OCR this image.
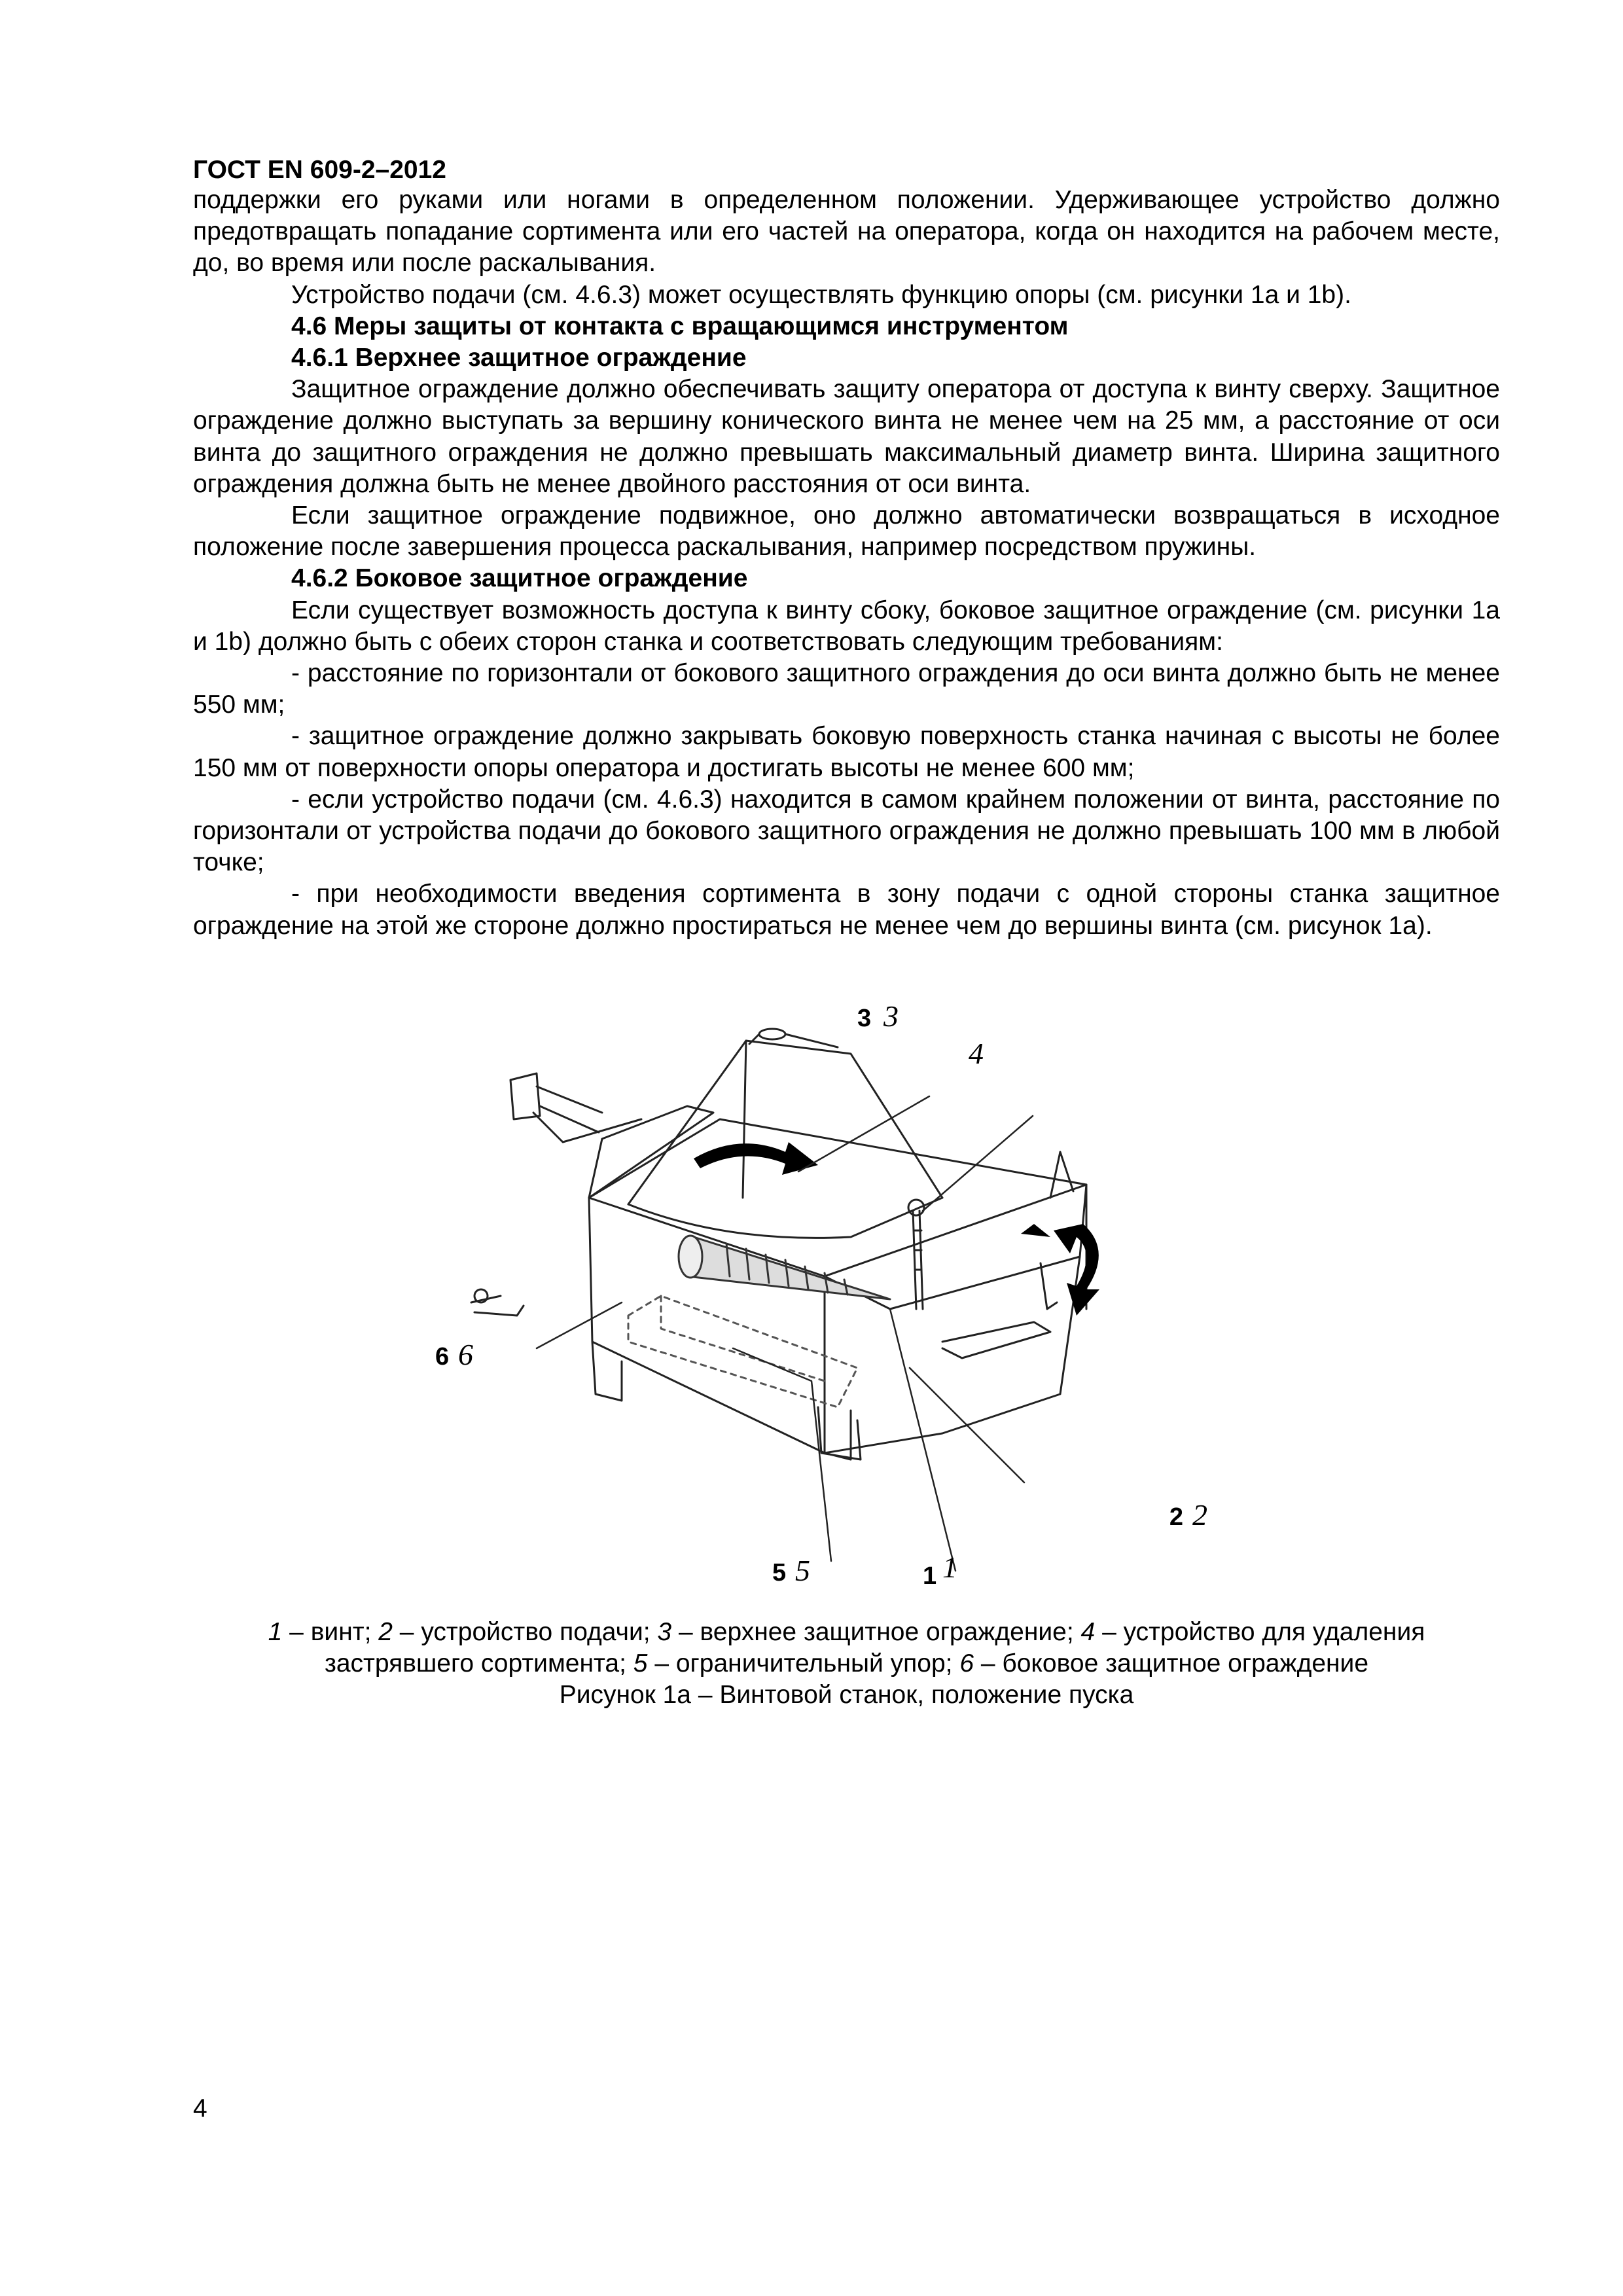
ГОСТ EN 609-2–2012

поддержки его руками или ногами в определенном положении. Удерживающее устройство должно предотвращать попадание сортимента или его частей на оператора, когда он находится на рабочем месте, до, во время или после раскалывания.

Устройство подачи (см. 4.6.3) может осуществлять функцию опоры (см. рисунки 1a и 1b).

4.6 Меры защиты от контакта с вращающимся инструментом

4.6.1 Верхнее защитное ограждение

Защитное ограждение должно обеспечивать защиту оператора от доступа к винту сверху. Защитное ограждение должно выступать за вершину конического винта не менее чем на 25 мм, а расстояние от оси винта до защитного ограждения не должно превышать максимальный диаметр винта. Ширина защитного ограждения должна быть не менее двойного расстояния от оси винта.

Если защитное ограждение подвижное, оно должно автоматически возвращаться в исходное положение после завершения процесса раскалывания, например посредством пружины.

4.6.2 Боковое защитное ограждение

Если существует возможность доступа к винту сбоку, боковое защитное ограждение (см. рисунки 1a и 1b) должно быть с обеих сторон станка и соответствовать следующим требованиям:

- расстояние по горизонтали от бокового защитного ограждения до оси винта должно быть не менее 550 мм;

- защитное ограждение должно закрывать боковую поверхность станка начиная с высоты не более 150 мм от поверхности опоры оператора и достигать высоты не менее 600 мм;

- если устройство подачи (см. 4.6.3) находится в самом крайнем положении от винта, расстояние по горизонтали от устройства подачи до бокового защитного ограждения не должно превышать 100 мм в любой точке;

- при необходимости введения сортимента в зону подачи с одной стороны станка защитное ограждение на этой же стороне должно простираться не менее чем до вершины винта (см. рисунок 1a).

3 3
4
6 6
2 2
5 5	1 1

1 – винт; 2 – устройство подачи; 3 – верхнее защитное ограждение; 4 – устройство для удаления застрявшего сортимента; 5 – ограничительный упор; 6 – боковое защитное ограждение

Рисунок 1a – Винтовой станок, положение пуска

4
